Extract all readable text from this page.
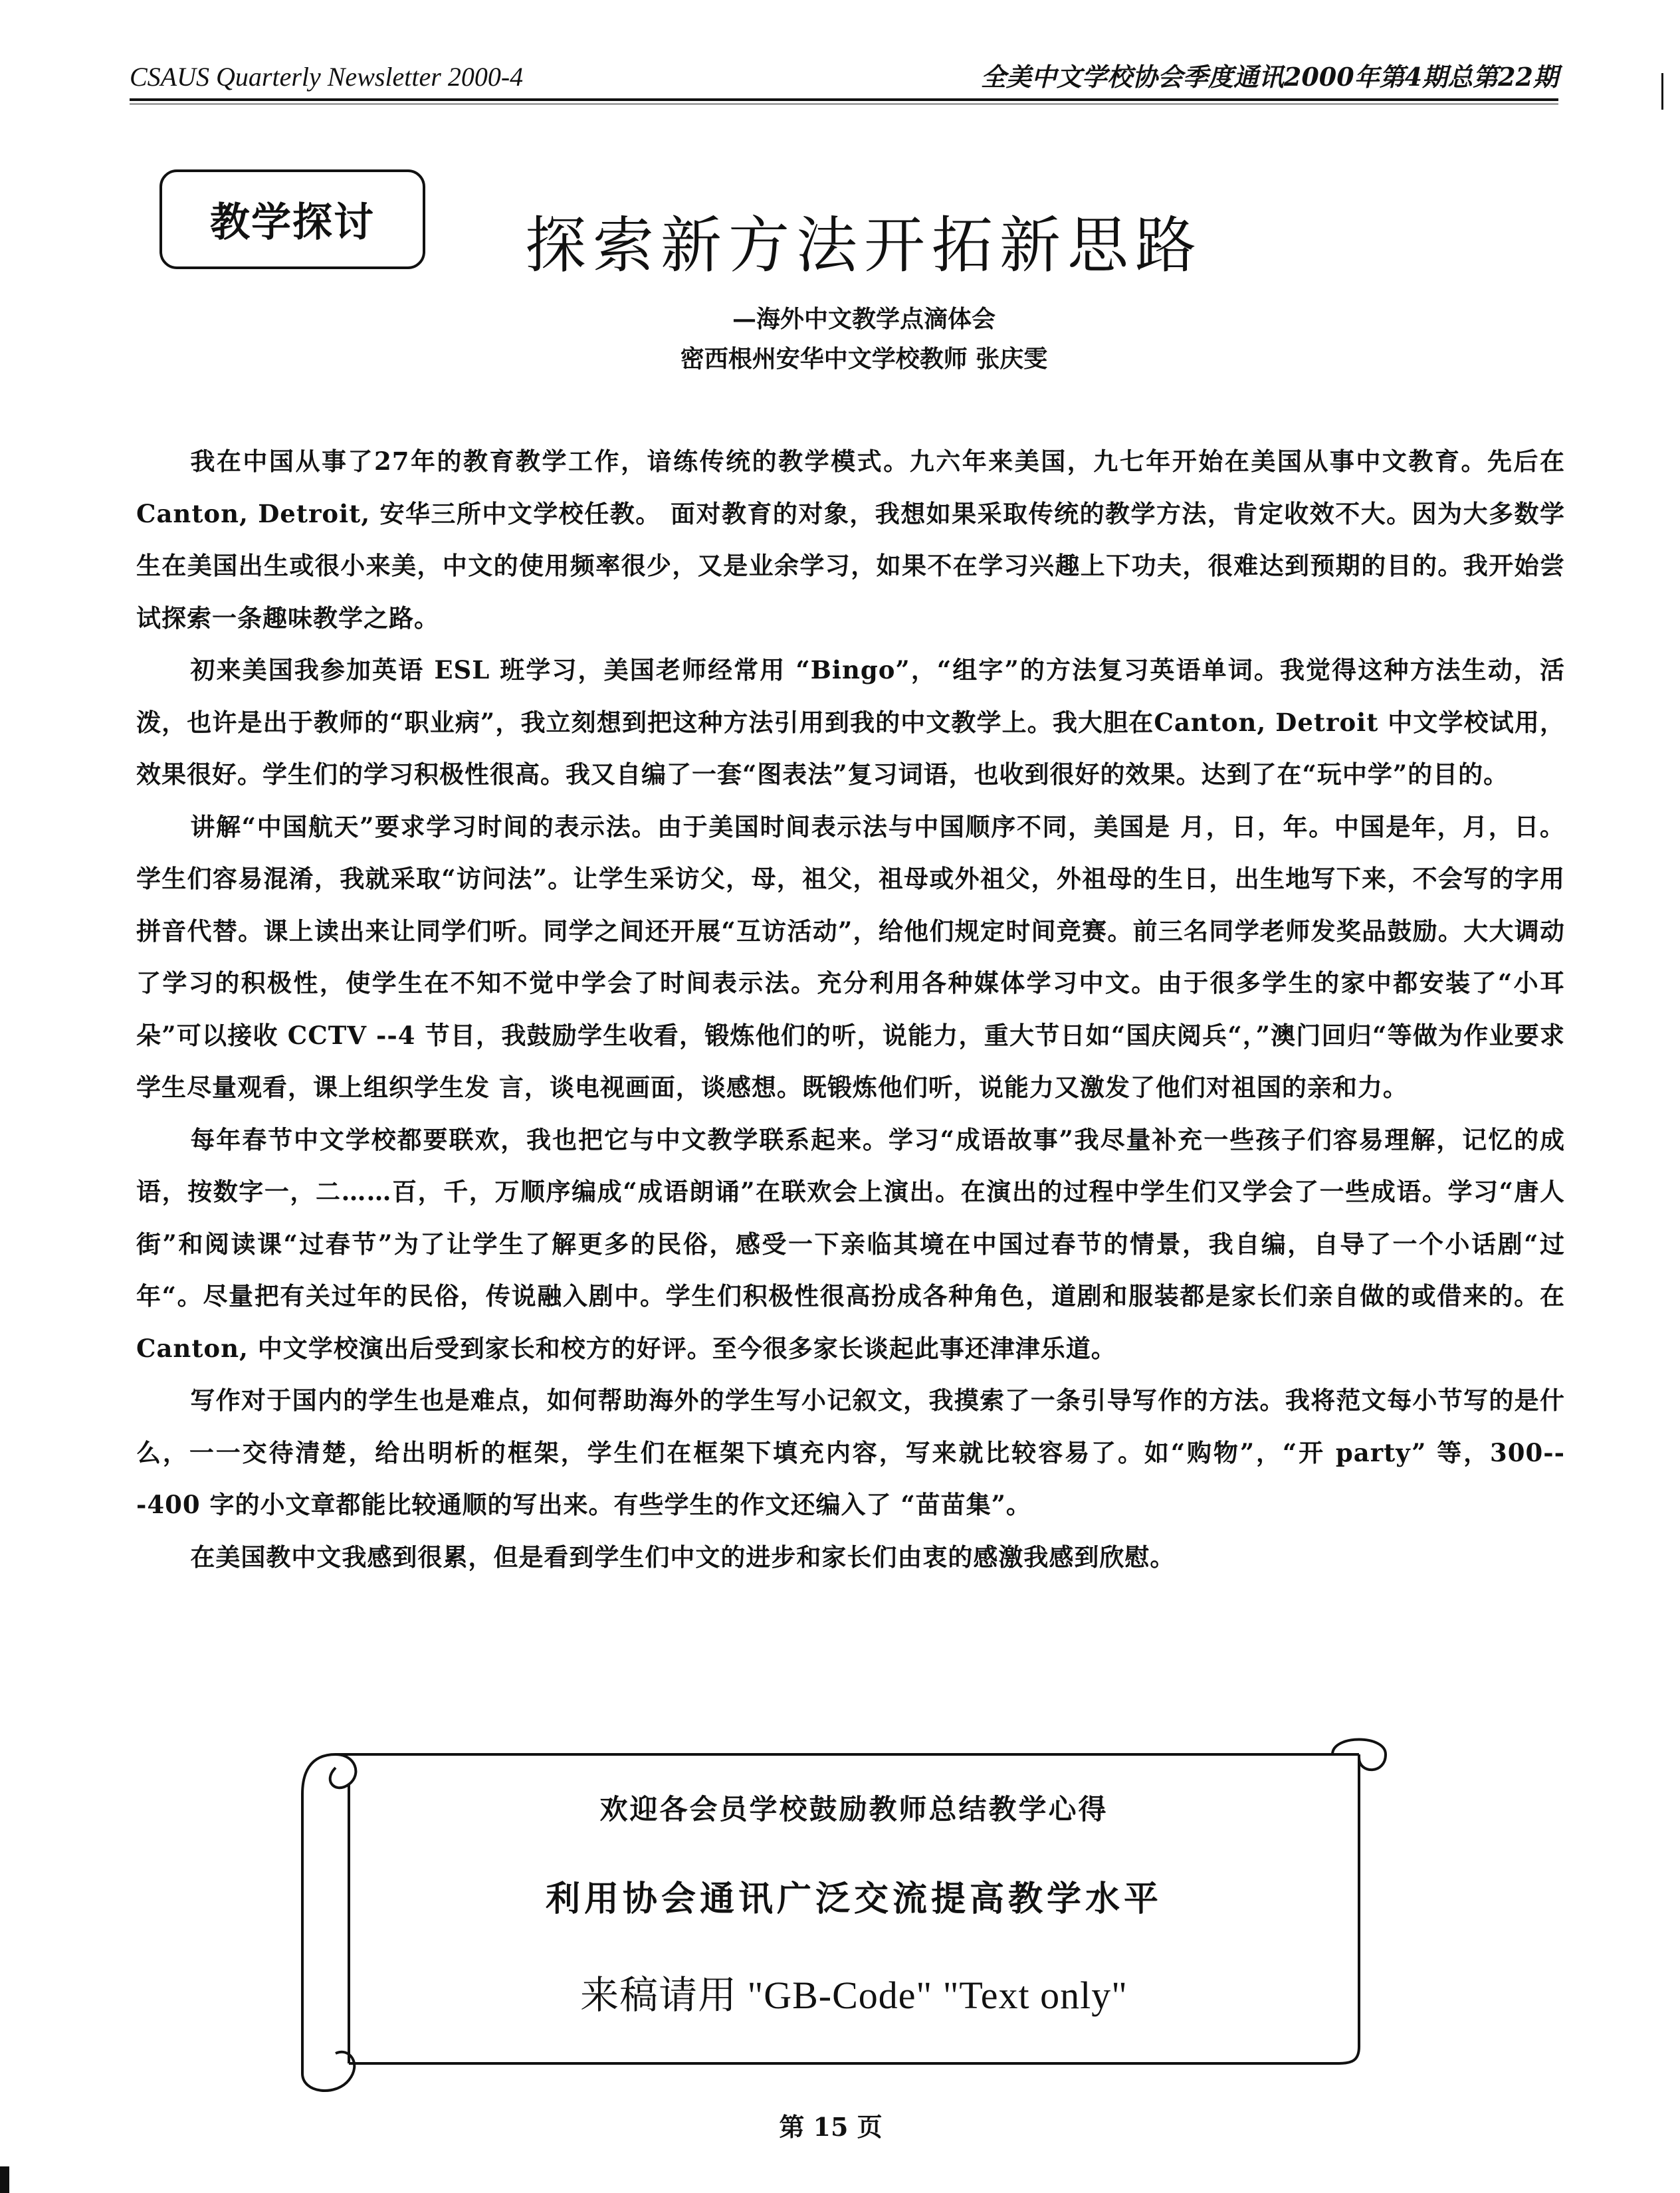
CSAUS Quarterly Newsletter 2000-4	全美中文学校协会季度通讯2000年第4期总第22期
教学探讨	探索新方法开拓新思路
—海外中文教学点滴体会
密西根州安华中文学校教师 张庆雯

我在中国从事了27年的教育教学工作，谙练传统的教学模式。九六年来美国，九七年开始在美国从事中文教育。先后在Canton, Detroit, 安华三所中文学校任教。 面对教育的对象，我想如果采取传统的教学方法，肯定收效不大。因为大多数学生在美国出生或很小来美，中文的使用频率很少，又是业余学习，如果不在学习兴趣上下功夫，很难达到预期的目的。我开始尝试探索一条趣味教学之路。

初来美国我参加英语 ESL 班学习，美国老师经常用 “Bingo”，“组字”的方法复习英语单词。我觉得这种方法生动，活泼，也许是出于教师的“职业病”，我立刻想到把这种方法引用到我的中文教学上。我大胆在Canton, Detroit 中文学校试用，效果很好。学生们的学习积极性很高。我又自编了一套“图表法”复习词语，也收到很好的效果。达到了在“玩中学”的目的。

讲解“中国航天”要求学习时间的表示法。由于美国时间表示法与中国顺序不同，美国是 月，日，年。中国是年，月，日。学生们容易混淆，我就采取“访问法”。让学生采访父，母，祖父，祖母或外祖父，外祖母的生日，出生地写下来，不会写的字用拼音代替。课上读出来让同学们听。同学之间还开展“互访活动”，给他们规定时间竞赛。前三名同学老师发奖品鼓励。大大调动了学习的积极性，使学生在不知不觉中学会了时间表示法。充分利用各种媒体学习中文。由于很多学生的家中都安装了“小耳朵”可以接收 CCTV --4 节目，我鼓励学生收看，锻炼他们的听，说能力，重大节日如“国庆阅兵“，”澳门回归“等做为作业要求学生尽量观看，课上组织学生发 言，谈电视画面，谈感想。既锻炼他们听，说能力又激发了他们对祖国的亲和力。

每年春节中文学校都要联欢，我也把它与中文教学联系起来。学习“成语故事”我尽量补充一些孩子们容易理解，记忆的成语，按数字一，二……百，千，万顺序编成“成语朗诵”在联欢会上演出。在演出的过程中学生们又学会了一些成语。学习“唐人街”和阅读课“过春节”为了让学生了解更多的民俗，感受一下亲临其境在中国过春节的情景，我自编，自导了一个小话剧“过年“。尽量把有关过年的民俗，传说融入剧中。学生们积极性很高扮成各种角色，道剧和服装都是家长们亲自做的或借来的。在Canton, 中文学校演出后受到家长和校方的好评。至今很多家长谈起此事还津津乐道。

写作对于国内的学生也是难点，如何帮助海外的学生写小记叙文，我摸索了一条引导写作的方法。我将范文每小节写的是什么，一一交待清楚，给出明析的框架，学生们在框架下填充内容，写来就比较容易了。如“购物”，“开 party” 等，300---400 字的小文章都能比较通顺的写出来。有些学生的作文还编入了 “苗苗集”。

在美国教中文我感到很累，但是看到学生们中文的进步和家长们由衷的感激我感到欣慰。

欢迎各会员学校鼓励教师总结教学心得
利用协会通讯广泛交流提高教学水平
来稿请用 "GB-Code" "Text only"
第 15 页
